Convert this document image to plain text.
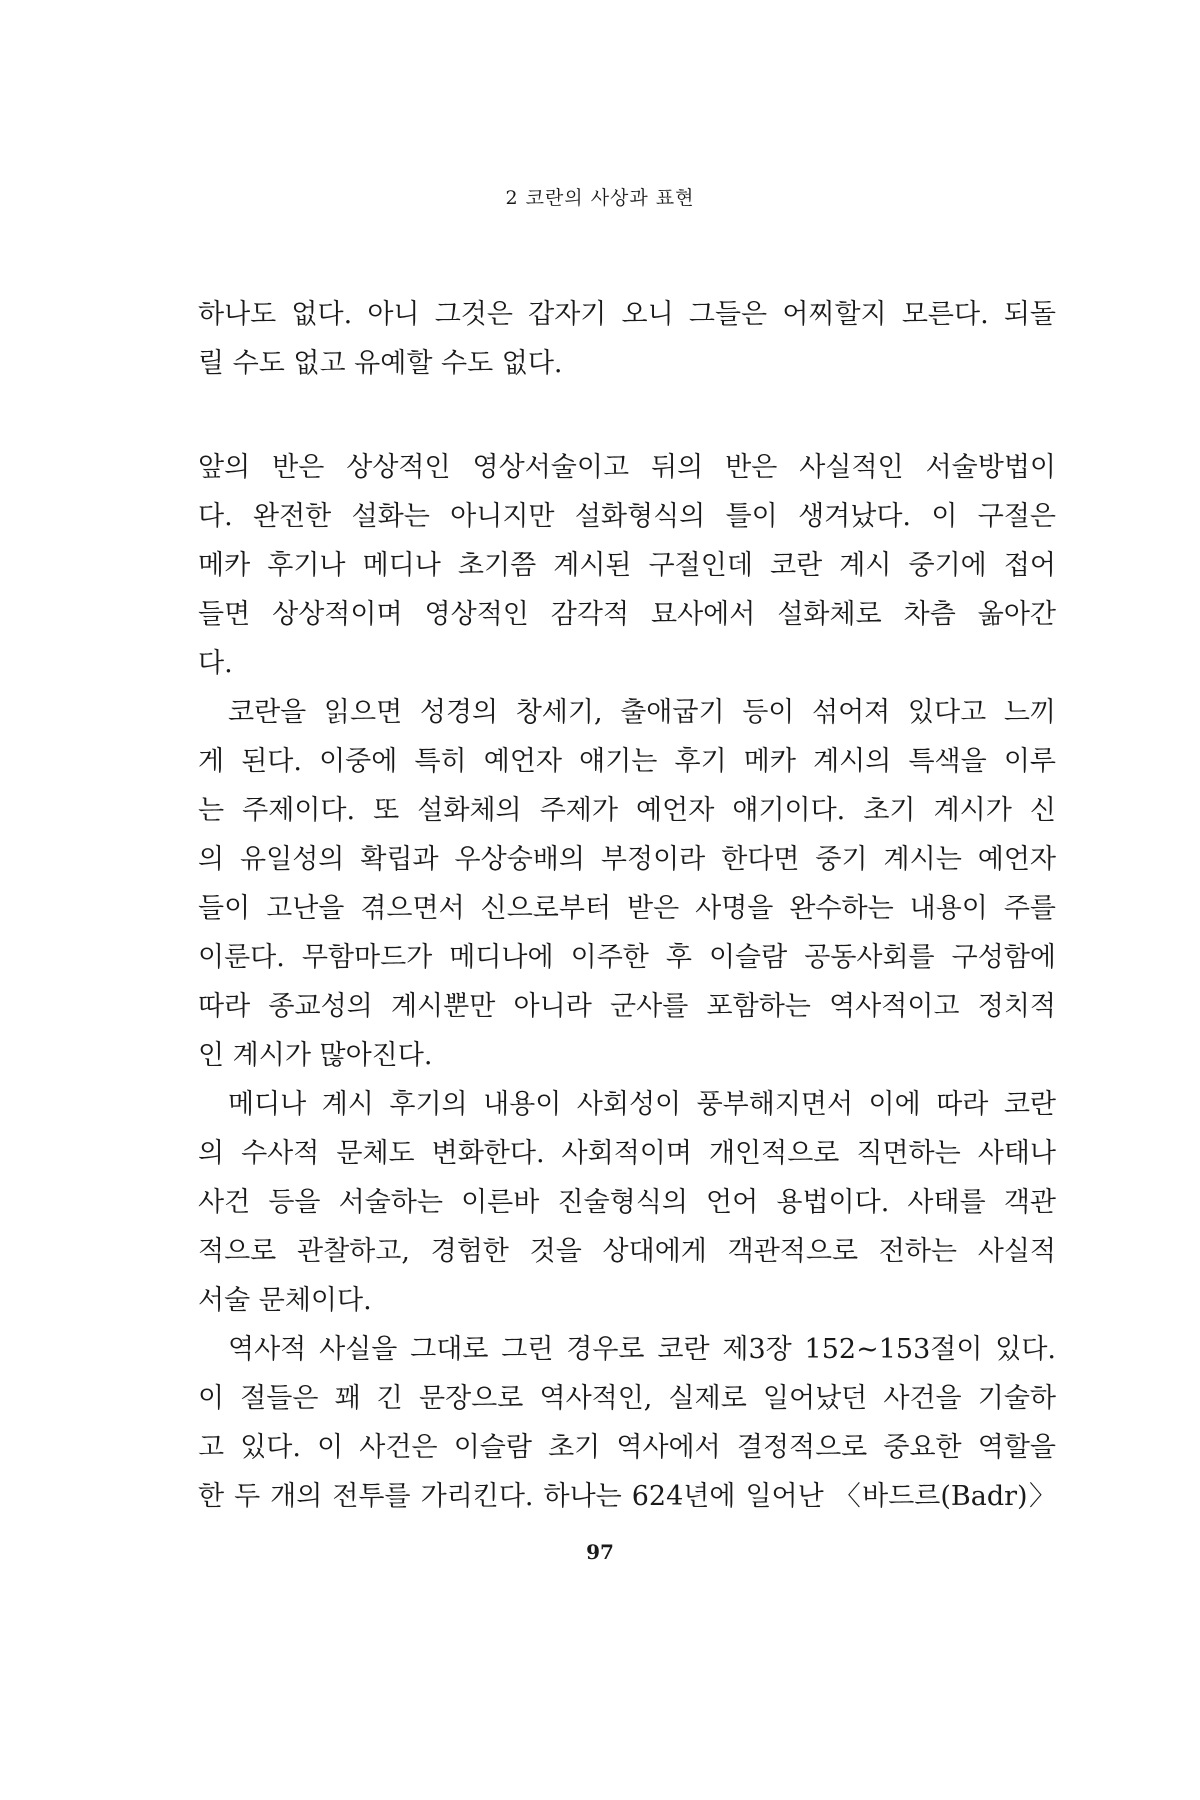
2 코란의 사상과 표현
하나도 없다. 아니 그것은 갑자기 오니 그들은 어찌할지 모른다. 되돌
릴 수도 없고 유예할 수도 없다.
앞의 반은 상상적인 영상서술이고 뒤의 반은 사실적인 서술방법이
다. 완전한 설화는 아니지만 설화형식의 틀이 생겨났다. 이 구절은
메카 후기나 메디나 초기쯤 계시된 구절인데 코란 계시 중기에 접어
들면 상상적이며 영상적인 감각적 묘사에서 설화체로 차츰 옮아간
다.
코란을 읽으면 성경의 창세기, 출애굽기 등이 섞어져 있다고 느끼
게 된다. 이중에 특히 예언자 얘기는 후기 메카 계시의 특색을 이루
는 주제이다. 또 설화체의 주제가 예언자 얘기이다. 초기 계시가 신
의 유일성의 확립과 우상숭배의 부정이라 한다면 중기 계시는 예언자
들이 고난을 겪으면서 신으로부터 받은 사명을 완수하는 내용이 주를
이룬다. 무함마드가 메디나에 이주한 후 이슬람 공동사회를 구성함에
따라 종교성의 계시뿐만 아니라 군사를 포함하는 역사적이고 정치적
인 계시가 많아진다.
메디나 계시 후기의 내용이 사회성이 풍부해지면서 이에 따라 코란
의 수사적 문체도 변화한다. 사회적이며 개인적으로 직면하는 사태나
사건 등을 서술하는 이른바 진술형식의 언어 용법이다. 사태를 객관
적으로 관찰하고, 경험한 것을 상대에게 객관적으로 전하는 사실적
서술 문체이다.
역사적 사실을 그대로 그린 경우로 코란 제3장 152~153절이 있다.
이 절들은 꽤 긴 문장으로 역사적인, 실제로 일어났던 사건을 기술하
고 있다. 이 사건은 이슬람 초기 역사에서 결정적으로 중요한 역할을
한 두 개의 전투를 가리킨다. 하나는 624년에 일어난 〈바드르(Badr)〉
97
